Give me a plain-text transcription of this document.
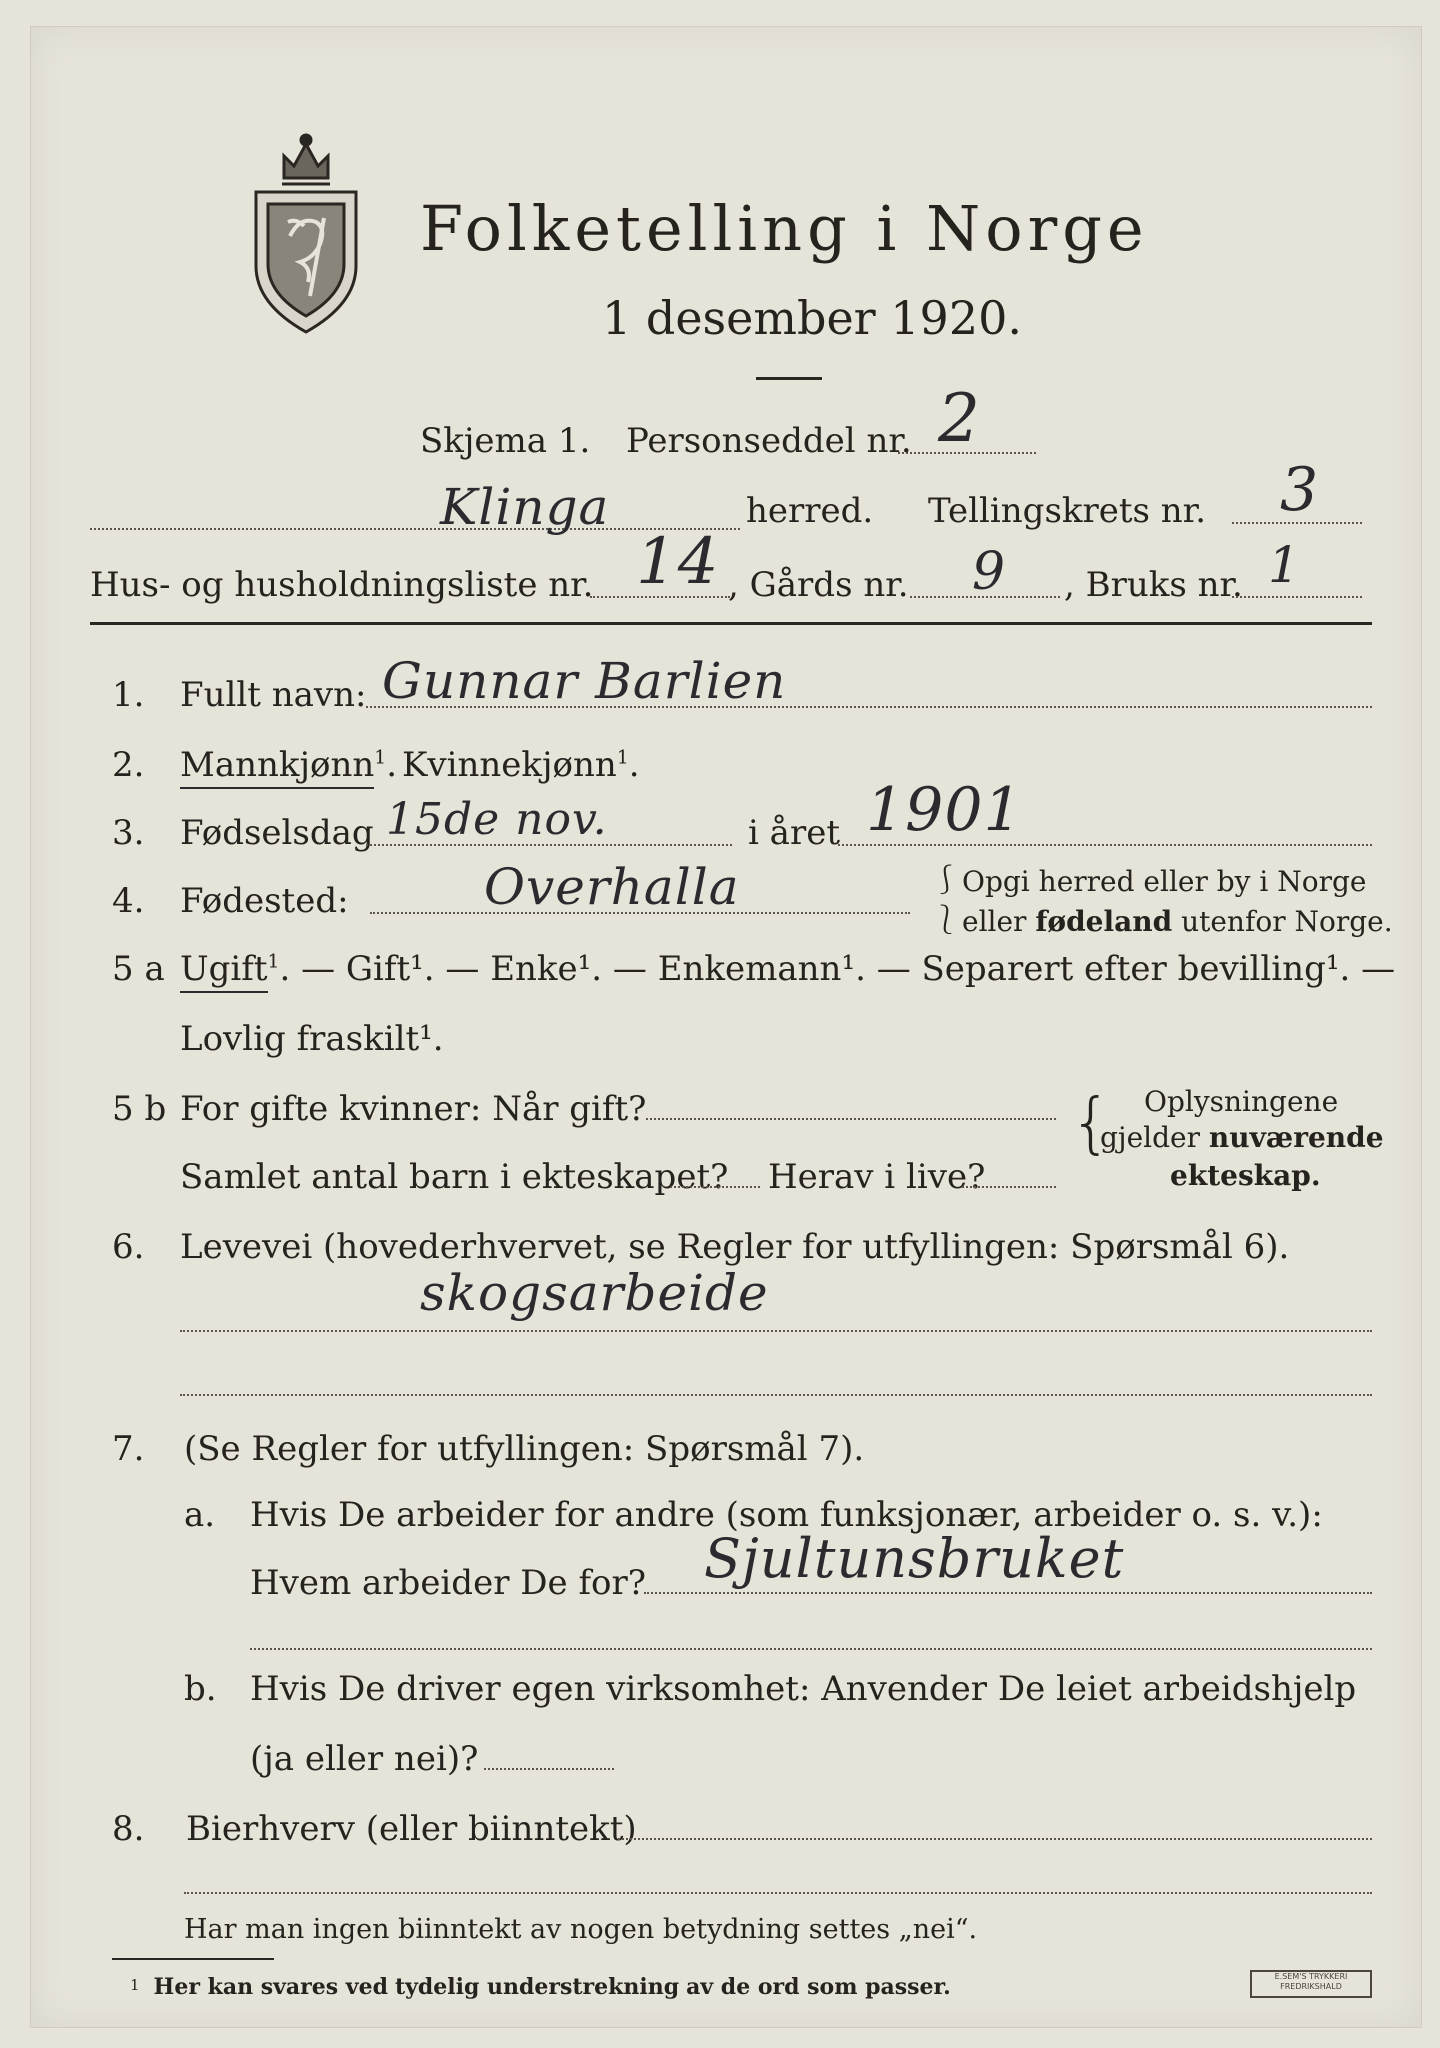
Folketelling i Norge
1 desember 1920.
Skjema 1. Personseddel nr. 2
Klinga	herred. Tellingskrets nr. 3
Hus- og husholdningsliste nr. 14 , Gårds nr. 9 , Bruks nr. 1
1. Fullt navn: Gunnar Barlien
2. Mannkjønn$^1$. Kvinnekjønn$^1$.
3. Fødselsdag 15de nov.	i året 1901
4. Fødested:	Overhalla	⎰
⎱
Opgi herred eller by i Norge
eller fødeland utenfor Norge.
5 a Ugift$^1$. — Gift¹. — Enke¹. — Enkemann¹. — Separert efter bevilling¹. —
Lovlig fraskilt¹.
5 b For gifte kvinner: Når gift?
Samlet antal barn i ekteskapet? Herav i live?
{ Oplysningene
gjelder nuværende
ekteskap.
6. Levevei (hovederhvervet, se Regler for utfyllingen: Spørsmål 6).
skogsarbeide
7. (Se Regler for utfyllingen: Spørsmål 7).
a. Hvis De arbeider for andre (som funksjonær, arbeider o. s. v.):
Hvem arbeider De for? Sjultunsbruket
b. Hvis De driver egen virksomhet: Anvender De leiet arbeidshjelp
(ja eller nei)?
8. Bierhverv (eller biinntekt)
Har man ingen biinntekt av nogen betydning settes „nei“.
1 Her kan svares ved tydelig understrekning av de ord som passer.	E.SEM'S TRYKKERI FREDRIKSHALD
